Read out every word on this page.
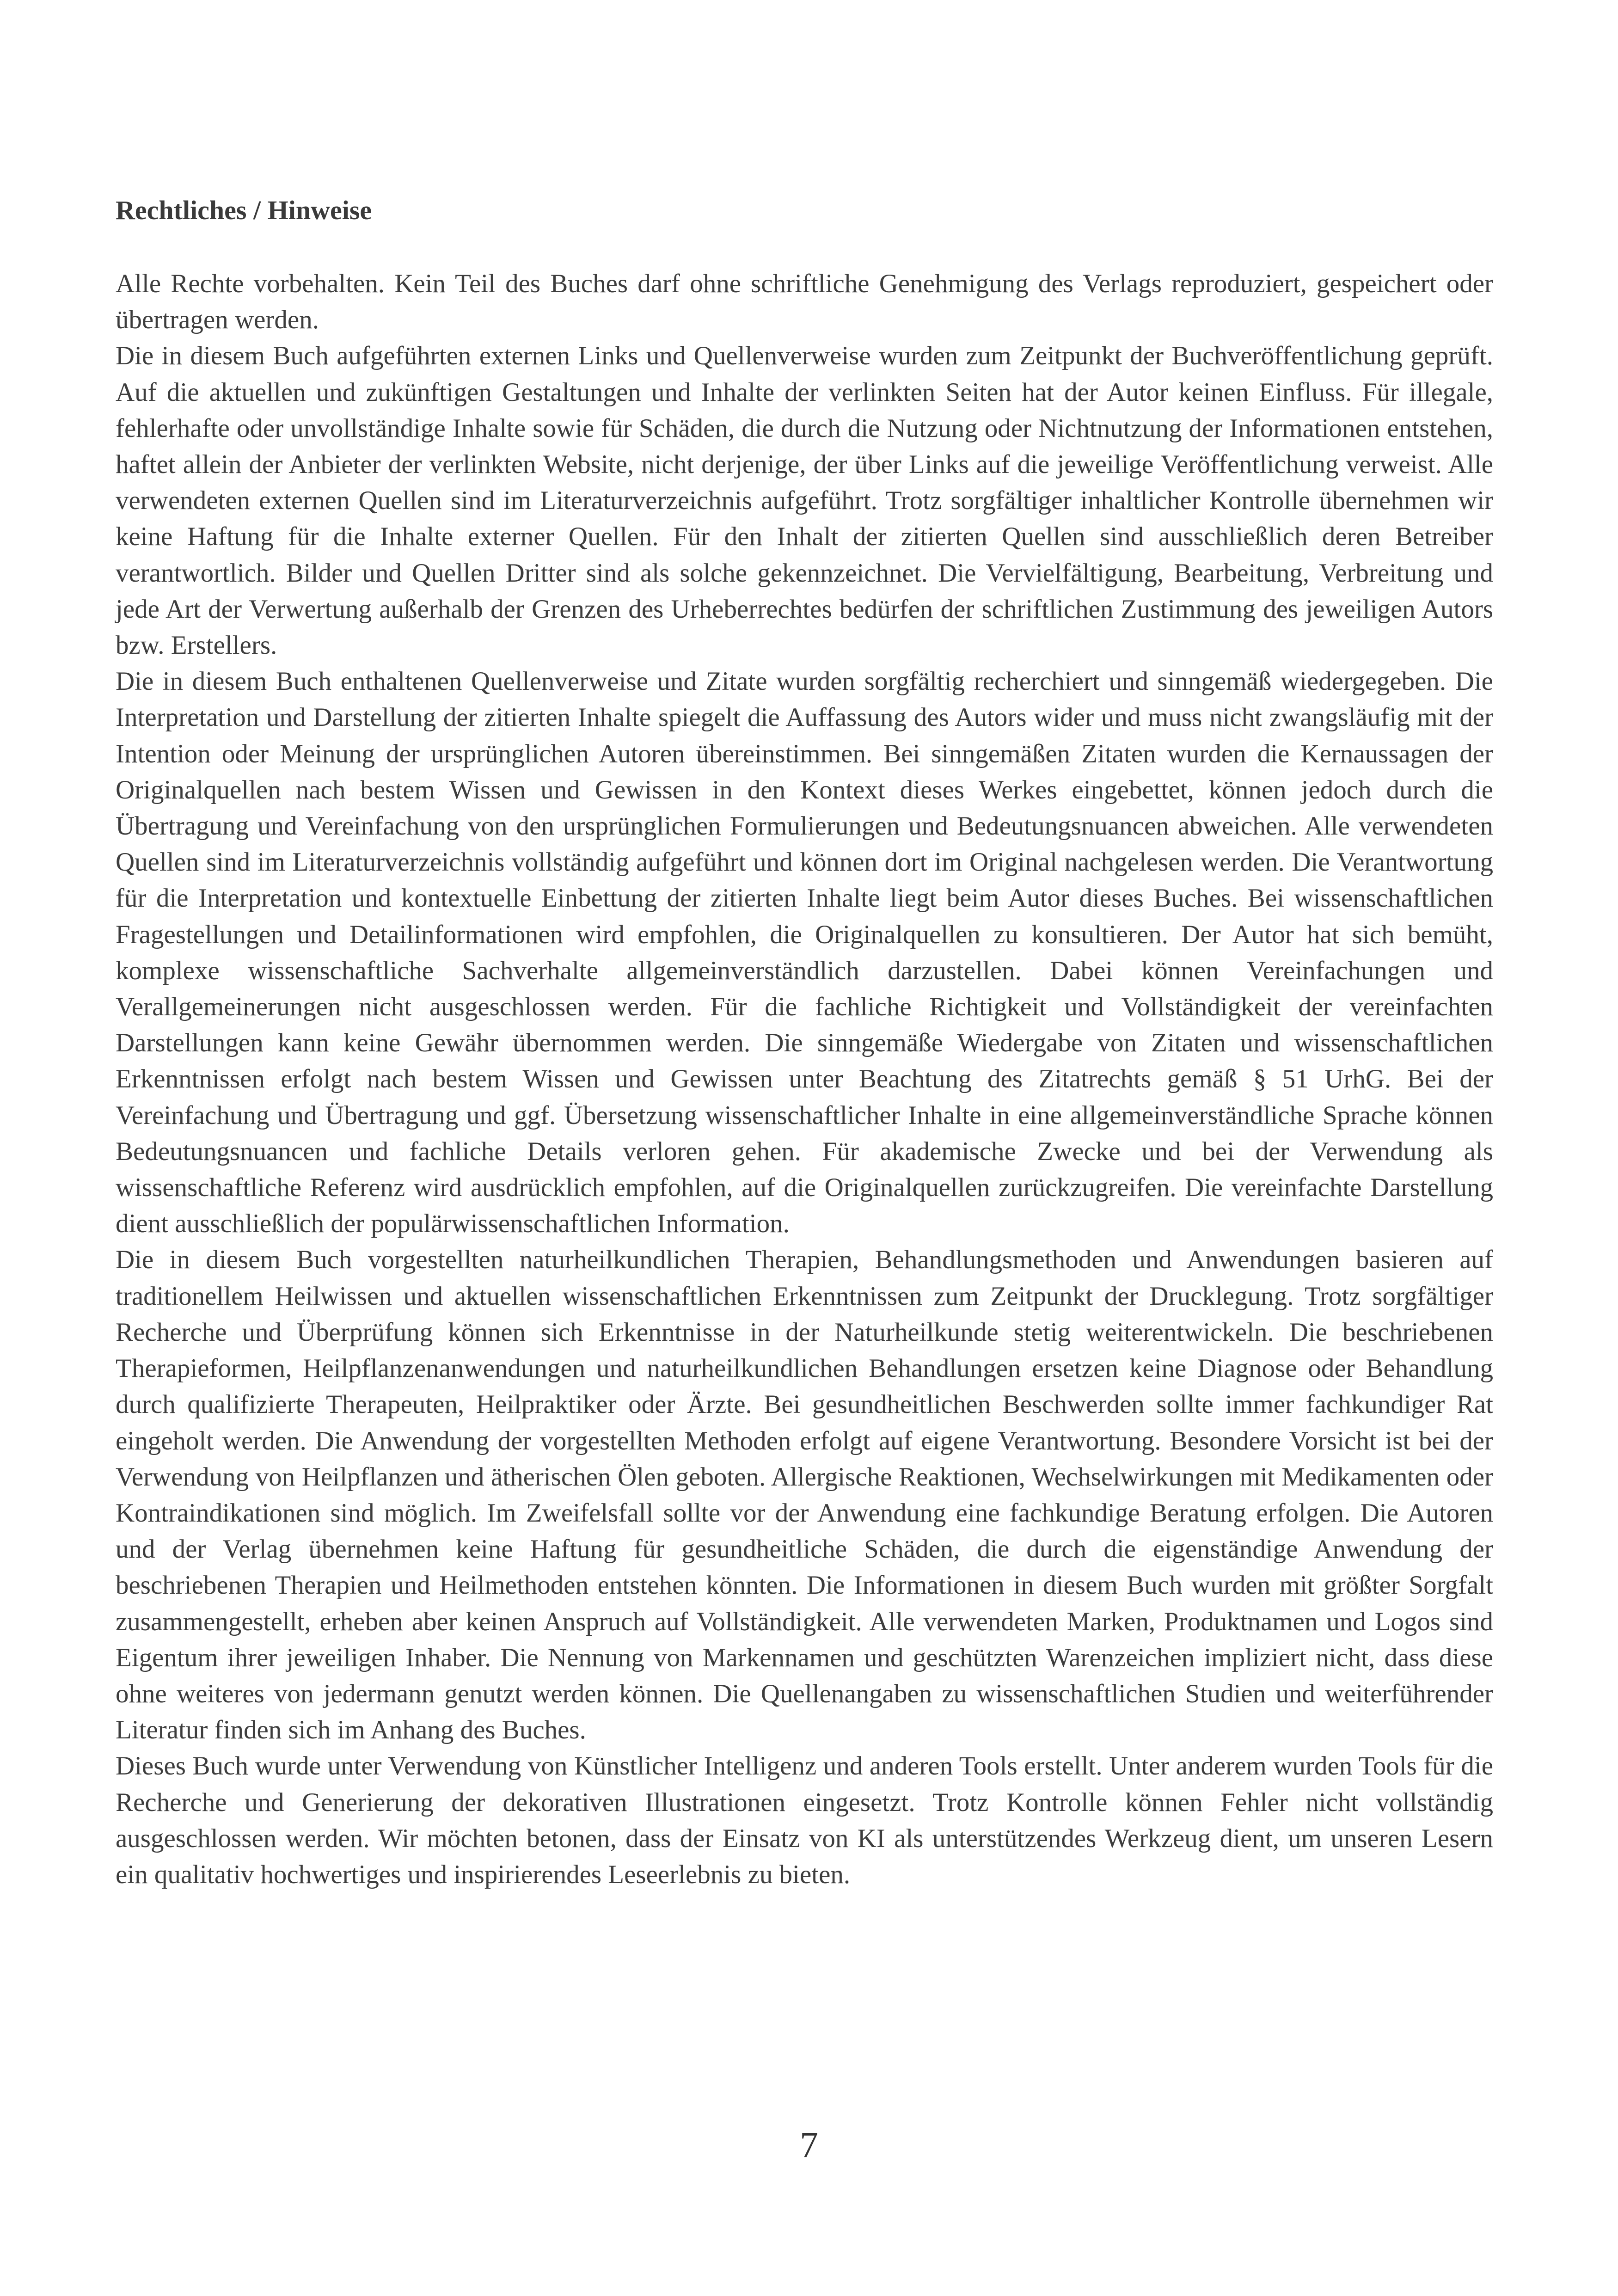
Rechtliches / Hinweise

Alle Rechte vorbehalten. Kein Teil des Buches darf ohne schriftliche Genehmigung des Verlags reproduziert, gespeichert oder übertragen werden.

Die in diesem Buch aufgeführten externen Links und Quellenverweise wurden zum Zeitpunkt der Buchveröffentlichung geprüft. Auf die aktuellen und zukünftigen Gestaltungen und Inhalte der verlinkten Seiten hat der Autor keinen Einfluss. Für illegale, fehlerhafte oder unvollständige Inhalte sowie für Schäden, die durch die Nutzung oder Nichtnutzung der Informationen entstehen, haftet allein der Anbieter der verlinkten Website, nicht derjenige, der über Links auf die jeweilige Veröffentlichung verweist. Alle verwendeten externen Quellen sind im Literaturverzeichnis aufgeführt. Trotz sorgfältiger inhaltlicher Kontrolle übernehmen wir keine Haftung für die Inhalte externer Quellen. Für den Inhalt der zitierten Quellen sind ausschließlich deren Betreiber verantwortlich. Bilder und Quellen Dritter sind als solche gekennzeichnet. Die Vervielfältigung, Bearbeitung, Verbreitung und jede Art der Verwertung außerhalb der Grenzen des Urheberrechtes bedürfen der schriftlichen Zustimmung des jeweiligen Autors bzw. Erstellers.

Die in diesem Buch enthaltenen Quellenverweise und Zitate wurden sorgfältig recherchiert und sinngemäß wiedergegeben. Die Interpretation und Darstellung der zitierten Inhalte spiegelt die Auffassung des Autors wider und muss nicht zwangsläufig mit der Intention oder Meinung der ursprünglichen Autoren übereinstimmen. Bei sinngemäßen Zitaten wurden die Kernaussagen der Originalquellen nach bestem Wissen und Gewissen in den Kontext dieses Werkes eingebettet, können jedoch durch die Übertragung und Vereinfachung von den ursprünglichen Formulierungen und Bedeutungsnuancen abweichen. Alle verwendeten Quellen sind im Literaturverzeichnis vollständig aufgeführt und können dort im Original nachgelesen werden. Die Verantwortung für die Interpretation und kontextuelle Einbettung der zitierten Inhalte liegt beim Autor dieses Buches. Bei wissenschaftlichen Fragestellungen und Detailinformationen wird empfohlen, die Originalquellen zu konsultieren. Der Autor hat sich bemüht, komplexe wissenschaftliche Sachverhalte allgemeinverständlich darzustellen. Dabei können Vereinfachungen und Verallgemeinerungen nicht ausgeschlossen werden. Für die fachliche Richtigkeit und Vollständigkeit der vereinfachten Darstellungen kann keine Gewähr übernommen werden. Die sinngemäße Wiedergabe von Zitaten und wissenschaftlichen Erkenntnissen erfolgt nach bestem Wissen und Gewissen unter Beachtung des Zitatrechts gemäß § 51 UrhG. Bei der Vereinfachung und Übertragung und ggf. Übersetzung wissenschaftlicher Inhalte in eine allgemeinverständliche Sprache können Bedeutungsnuancen und fachliche Details verloren gehen. Für akademische Zwecke und bei der Verwendung als wissenschaftliche Referenz wird ausdrücklich empfohlen, auf die Originalquellen zurückzugreifen. Die vereinfachte Darstellung dient ausschließlich der populärwissenschaftlichen Information.

Die in diesem Buch vorgestellten naturheilkundlichen Therapien, Behandlungsmethoden und Anwendungen basieren auf traditionellem Heilwissen und aktuellen wissenschaftlichen Erkenntnissen zum Zeitpunkt der Drucklegung. Trotz sorgfältiger Recherche und Überprüfung können sich Erkenntnisse in der Naturheilkunde stetig weiterentwickeln. Die beschriebenen Therapieformen, Heilpflanzenanwendungen und naturheilkundlichen Behandlungen ersetzen keine Diagnose oder Behandlung durch qualifizierte Therapeuten, Heilpraktiker oder Ärzte. Bei gesundheitlichen Beschwerden sollte immer fachkundiger Rat eingeholt werden. Die Anwendung der vorgestellten Methoden erfolgt auf eigene Verantwortung. Besondere Vorsicht ist bei der Verwendung von Heilpflanzen und ätherischen Ölen geboten. Allergische Reaktionen, Wechselwirkungen mit Medikamenten oder Kontraindikationen sind möglich. Im Zweifelsfall sollte vor der Anwendung eine fachkundige Beratung erfolgen. Die Autoren und der Verlag übernehmen keine Haftung für gesundheitliche Schäden, die durch die eigenständige Anwendung der beschriebenen Therapien und Heilmethoden entstehen könnten. Die Informationen in diesem Buch wurden mit größter Sorgfalt zusammengestellt, erheben aber keinen Anspruch auf Vollständigkeit. Alle verwendeten Marken, Produktnamen und Logos sind Eigentum ihrer jeweiligen Inhaber. Die Nennung von Markennamen und geschützten Warenzeichen impliziert nicht, dass diese ohne weiteres von jedermann genutzt werden können. Die Quellenangaben zu wissenschaftlichen Studien und weiterführender Literatur finden sich im Anhang des Buches.

Dieses Buch wurde unter Verwendung von Künstlicher Intelligenz und anderen Tools erstellt. Unter anderem wurden Tools für die Recherche und Generierung der dekorativen Illustrationen eingesetzt. Trotz Kontrolle können Fehler nicht vollständig ausgeschlossen werden. Wir möchten betonen, dass der Einsatz von KI als unterstützendes Werkzeug dient, um unseren Lesern ein qualitativ hochwertiges und inspirierendes Leseerlebnis zu bieten.

7
